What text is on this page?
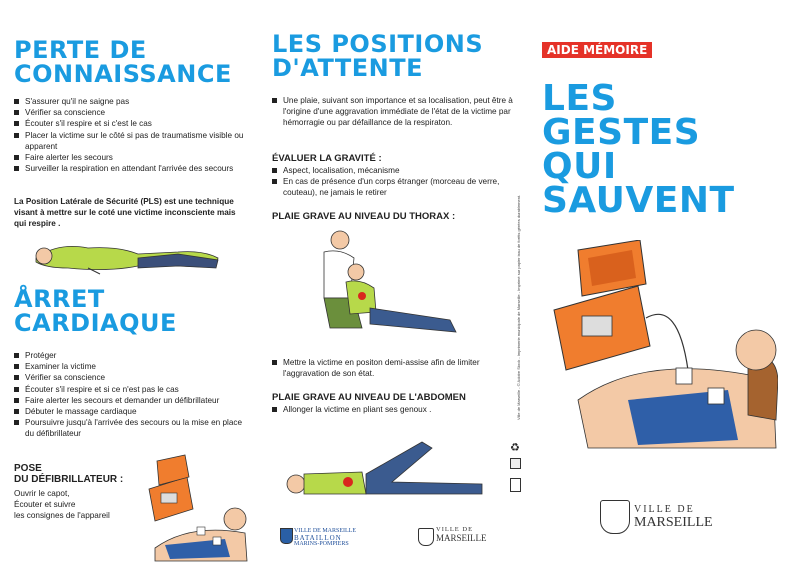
PERTE DE
CONNAISSANCE
S'assurer qu'il ne saigne pas
Vérifier sa conscience
Écouter s'il respire et si c'est le cas
Placer la victime sur le côté si pas de traumatisme visible ou apparent
Faire alerter les secours
Surveiller la respiration en attendant l'arrivée des secours

La Position Latérale de Sécurité (PLS) est une technique visant à mettre sur le coté une victime inconsciente mais qui respire .

ÅRRET
CARDIAQUE
Protéger
Examiner la victime
Vérifier sa conscience
Écouter s'il respire et si ce n'est pas le cas
Faire alerter les secours et demander un défibrillateur
Débuter le massage cardiaque
Poursuivre jusqu'à l'arrivée des secours ou la mise en place du défibrillateur
POSE
DU DÉFIBRILLATEUR :
Ouvrir le capot,
Écouter et suivre
les consignes de l'appareil
LES POSITIONS
D'ATTENTE
Une plaie, suivant son importance et sa localisation, peut être à l'origine d'une aggravation immédiate de l'état de la victime par hémorragie ou par défaillance de la respiraton.
ÉVALUER LA GRAVITÉ :
Aspect, localisation, mécanisme
En cas de présence d'un corps étranger (morceau de verre, couteau), ne jamais le retirer
PLAIE GRAVE AU NIVEAU DU THORAX :
Mettre la victime en positon demi-assise afin de limiter l'aggravation de son état.
PLAIE GRAVE AU NIVEAU DE L'ABDOMEN
Allonger la victime en pliant ses genoux .	Ville de Marseille - © Adobe Stock - Imprimerie municipale de Marseille - Imprimé sur papier issu de forêts gérées durablement.
♻
VILLE DE MARSEILLE
BATAILLON
MARINS-POMPIERS
VILLE DE
MARSEILLE
AIDE MÉMOIRE
LES
GESTES
QUI
SAUVENT
VILLE DE
MARSEILLE
